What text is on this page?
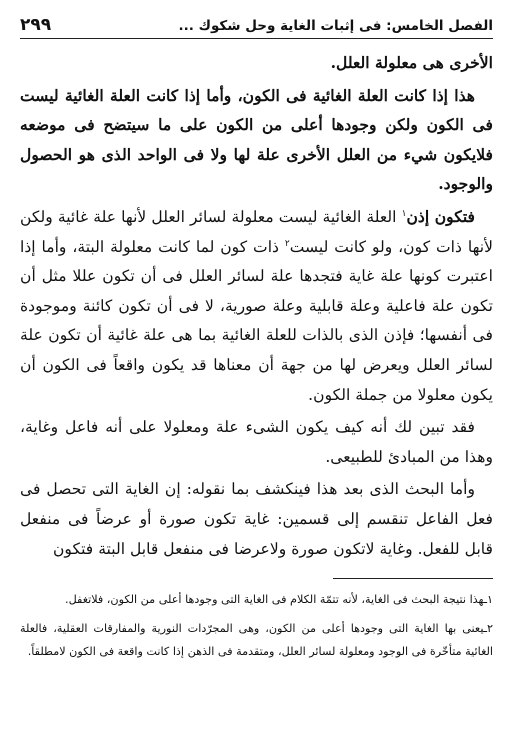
الفصل الخامس: فى إثبات الغاية وحل شكوك ...
٢٩٩

الأخرى هى معلولة العلل.

هذا إذا كانت العلة الغائية فى الكون، وأما إذا كانت العلة الغائية ليست فى الكون ولكن وجودها أعلى من الكون على ما سيتضح فى موضعه فلايكون شيء من العلل الأخرى علة لها ولا فى الواحد الذى هو الحصول والوجود.

فتكون إذن$^١$ العلة الغائية ليست معلولة لسائر العلل لأنها علة غائية ولكن لأنها ذات كون، ولو كانت ليست$^٢$ ذات كون لما كانت معلولة البتة، وأما إذا اعتبرت كونها علة غاية فتجدها علة لسائر العلل فى أن تكون عللا مثل أن تكون علة فاعلية وعلة قابلية وعلة صورية، لا فى أن تكون كائنة وموجودة فى أنفسها؛ فإذن الذى بالذات للعلة الغائية بما هى علة غائية أن تكون علة لسائر العلل ويعرض لها من جهة أن معناها قد يكون واقعاً فى الكون أن يكون معلولا من جملة الكون.

فقد تبين لك أنه كيف يكون الشىء علة ومعلولا على أنه فاعل وغاية، وهذا من المبادئ للطبيعى.

وأما البحث الذى بعد هذا فينكشف بما نقوله: إن الغاية التى تحصل فى فعل الفاعل تنقسم إلى قسمين: غاية تكون صورة أو عرضاً فى منفعل قابل للفعل. وغاية لاتكون صورة ولاعرضا فى منفعل قابل البتة فتكون

١ـهذا نتيجة البحث فى الغاية، لأنه تتمّة الكلام فى الغاية التى وجودها أعلى من الكون، فلاتغفل.

٢ـيعنى بها الغاية التى وجودها أعلى من الكون، وهى المجرّدات النورية والمفارقات العقلية، فالعلة الغائية متأخّرة فى الوجود ومعلولة لسائر العلل، ومتقدمة فى الذهن إذا كانت واقعة فى الكون لامطلقاً.
